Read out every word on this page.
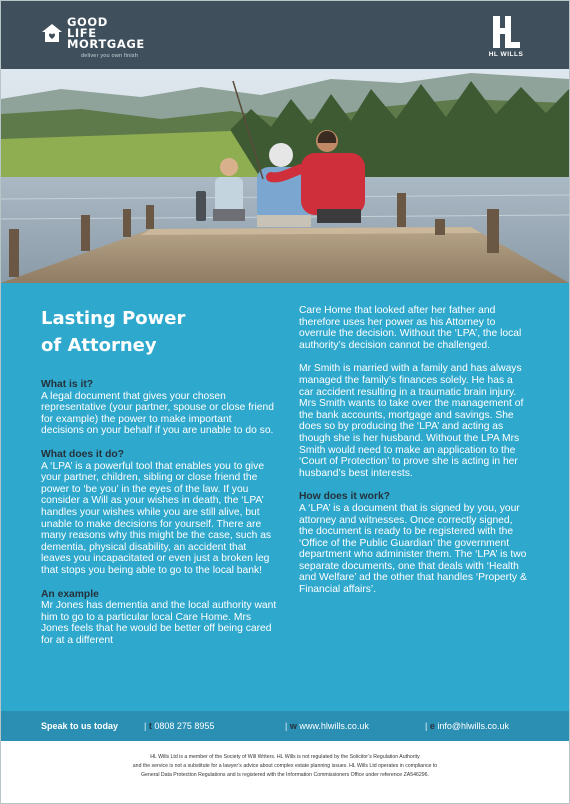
GOOD
LIFE
MORTGAGE
deliver you own finish	HL WILLS
Lasting Power
of Attorney
What is it?

A legal document that gives your chosen representative (your partner, spouse or close friend for example) the power to make important decisions on your behalf if you are unable to do so.

What does it do?

A ‘LPA’ is a powerful tool that enables you to give your partner, children, sibling or close friend the power to ‘be you’ in the eyes of the law. If you consider a Will as your wishes in death, the ‘LPA’ handles your wishes while you are still alive, but unable to make decisions for yourself. There are many reasons why this might be the case, such as dementia, physical disability, an accident that leaves you incapacitated or even just a broken leg that stops you being able to go to the local bank!

An example

Mr Jones has dementia and the local authority want him to go to a particular local Care Home. Mrs Jones feels that he would be better off being cared for at a different

Care Home that looked after her father and therefore uses her power as his Attorney to overrule the decision. Without the ‘LPA’, the local authority’s decision cannot be challenged.

Mr Smith is married with a family and has always managed the family’s finances solely. He has a car accident resulting in a traumatic brain injury. Mrs Smith wants to take over the management of the bank accounts, mortgage and savings. She does so by producing the ‘LPA’ and acting as though she is her husband. Without the LPA Mrs Smith would need to make an application to the ‘Court of Protection’ to prove she is acting in her husband’s best interests.

How does it work?

A ‘LPA’ is a document that is signed by you, your attorney and witnesses. Once correctly signed, the document is ready to be registered with the ‘Office of the Public Guardian’ the government department who administer them. The ‘LPA’ is two separate documents, one that deals with ‘Health and Welfare’ ad the other that handles ‘Property & Financial affairs’.

Speak to us today	| t 0808 275 8955	| w www.hlwills.co.uk	| e info@hlwills.co.uk
HL Wills Ltd is a member of the Society of Will Writers. HL Wills is not regulated by the Solicitor’s Regulation Authority
and the service is not a substitute for a lawyer’s advice about complex estate planning issues. HL Wills Ltd operates in compliance to
General Data Protection Regulations and is registered with the Information Commissioners Office under reference ZA546296.
